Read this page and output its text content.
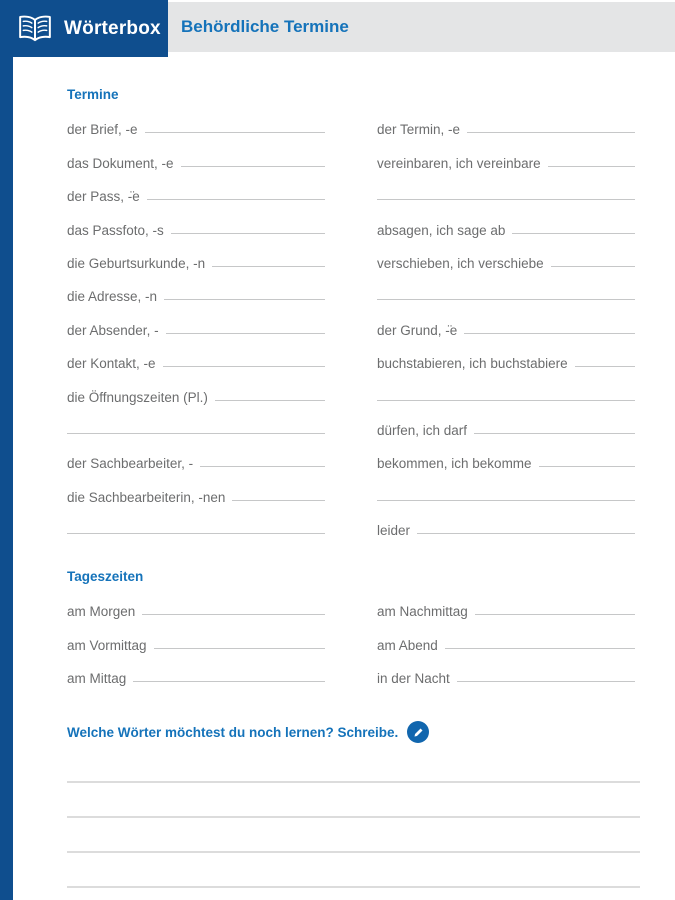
Behördliche Termine
Wörterbox
Termine
der Brief, -e
das Dokument, -e
der Pass, -̈e
das Passfoto, -s
die Geburtsurkunde, -n
die Adresse, -n
der Absender, -
der Kontakt, -e
die Öffnungszeiten (Pl.)
der Sachbearbeiter, -
die Sachbearbeiterin, -nen
der Termin, -e
vereinbaren, ich vereinbare
absagen, ich sage ab
verschieben, ich verschiebe
der Grund, -̈e
buchstabieren, ich buchstabiere
dürfen, ich darf
bekommen, ich bekomme
leider
Tageszeiten
am Morgen
am Vormittag
am Mittag
am Nachmittag
am Abend
in der Nacht
Welche Wörter möchtest du noch lernen? Schreibe.
